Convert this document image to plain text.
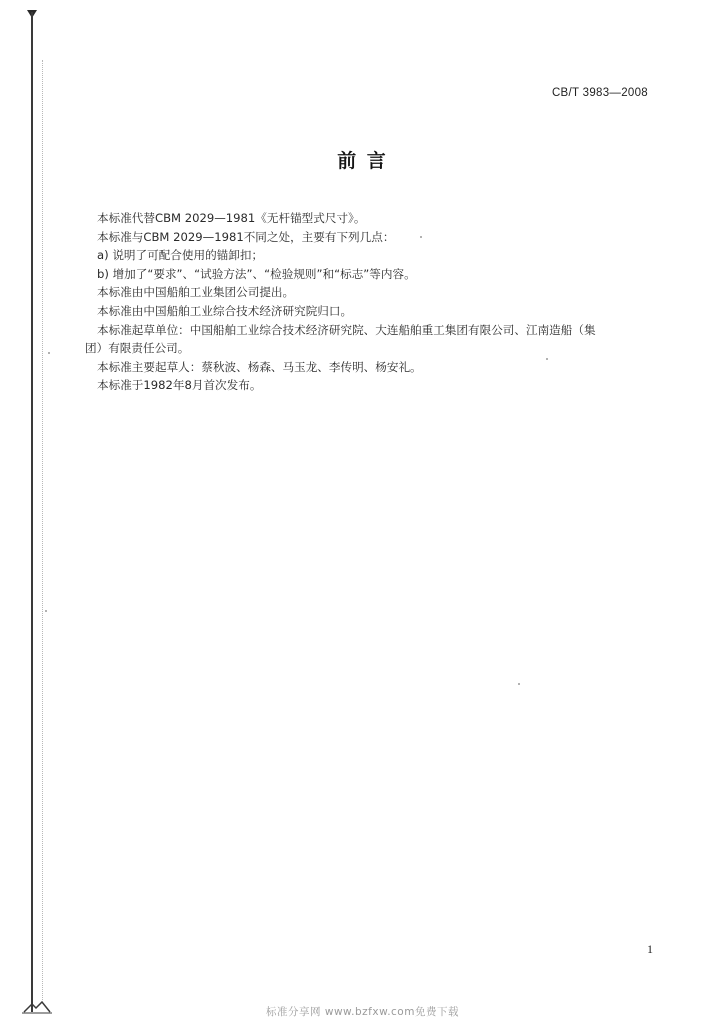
CB/T 3983—2008
前 言

本标准代替CBM 2029—1981《无杆锚型式尺寸》。

本标准与CBM 2029—1981不同之处，主要有下列几点：

a) 说明了可配合使用的锚卸扣；

b) 增加了“要求”、“试验方法”、“检验规则”和“标志”等内容。

本标准由中国船舶工业集团公司提出。

本标准由中国船舶工业综合技术经济研究院归口。

本标准起草单位：中国船舶工业综合技术经济研究院、大连船舶重工集团有限公司、江南造船（集

团）有限责任公司。

本标准主要起草人：蔡秋波、杨森、马玉龙、李传明、杨安礼。

本标准于1982年8月首次发布。

1
标准分享网 www.bzfxw.com免费下载
